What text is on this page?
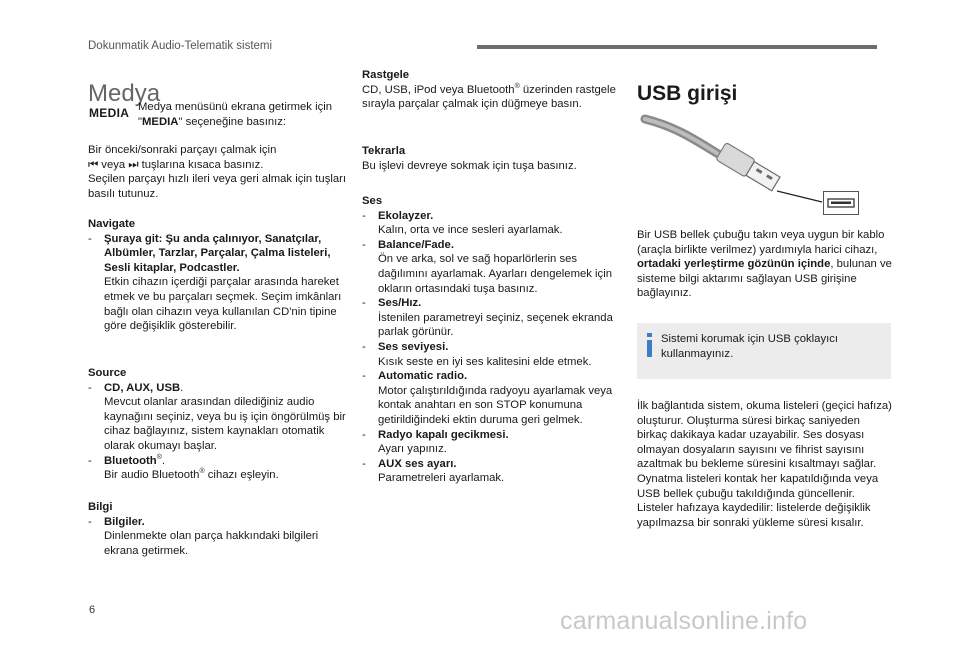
Dokunmatik Audio-Telematik sistemi
Medya
MEDIA Medya menüsünü ekrana getirmek için "MEDIA" seçeneğine basınız:

Bir önceki/sonraki parçayı çalmak için

⏮ veya ⏭ tuşlarına kısaca basınız.

Seçilen parçayı hızlı ileri veya geri almak için tuşları basılı tutunuz.

Navigate

- Şuraya git: Şu anda çalınıyor, Sanatçılar, Albümler, Tarzlar, Parçalar, Çalma listeleri, Sesli kitaplar, Podcastler.

Etkin cihazın içerdiği parçalar arasında hareket etmek ve bu parçaları seçmek. Seçim imkânları bağlı olan cihazın veya kullanılan CD'nin tipine göre değişiklik gösterebilir.

Source

- CD, AUX, USB.

Mevcut olanlar arasından dilediğiniz audio kaynağını seçiniz, veya bu iş için öngörülmüş bir cihaz bağlayınız, sistem kaynakları otomatik olarak okumayı başlar.

- Bluetooth®.

Bir audio Bluetooth® cihazı eşleyin.

Bilgi

- Bilgiler.

Dinlenmekte olan parça hakkındaki bilgileri ekrana getirmek.

Rastgele

CD, USB, iPod veya Bluetooth® üzerinden rastgele sırayla parçalar çalmak için düğmeye basın.

Tekrarla

Bu işlevi devreye sokmak için tuşa basınız.

Ses

- Ekolayzer.

Kalın, orta ve ince sesleri ayarlamak.

- Balance/Fade.

Ön ve arka, sol ve sağ hoparlörlerin ses dağılımını ayarlamak. Ayarları dengelemek için okların ortasındaki tuşa basınız.

- Ses/Hız.

İstenilen parametreyi seçiniz, seçenek ekranda parlak görünür.

- Ses seviyesi.

Kısık seste en iyi ses kalitesini elde etmek.

- Automatic radio.

Motor çalıştırıldığında radyoyu ayarlamak veya kontak anahtarı en son STOP konumuna getirildiğindeki ektin duruma geri gelmek.

- Radyo kapalı gecikmesi.

Ayarı yapınız.

- AUX ses ayarı.

Parametreleri ayarlamak.

USB girişi

Bir USB bellek çubuğu takın veya uygun bir kablo (araçla birlikte verilmez) yardımıyla harici cihazı, ortadaki yerleştirme gözünün içinde, bulunan ve sisteme bilgi aktarımı sağlayan USB girişine bağlayınız.

Sistemi korumak için USB çoklayıcı kullanmayınız.

İlk bağlantıda sistem, okuma listeleri (geçici hafıza) oluşturur. Oluşturma süresi birkaç saniyeden birkaç dakikaya kadar uzayabilir. Ses dosyası olmayan dosyaların sayısını ve fihrist sayısını azaltmak bu bekleme süresini kısaltmayı sağlar. Oynatma listeleri kontak her kapatıldığında veya USB bellek çubuğu takıldığında güncellenir. Listeler hafızaya kaydedilir: listelerde değişiklik yapılmazsa bir sonraki yükleme süresi kısalır.

6	carmanualsonline.info
